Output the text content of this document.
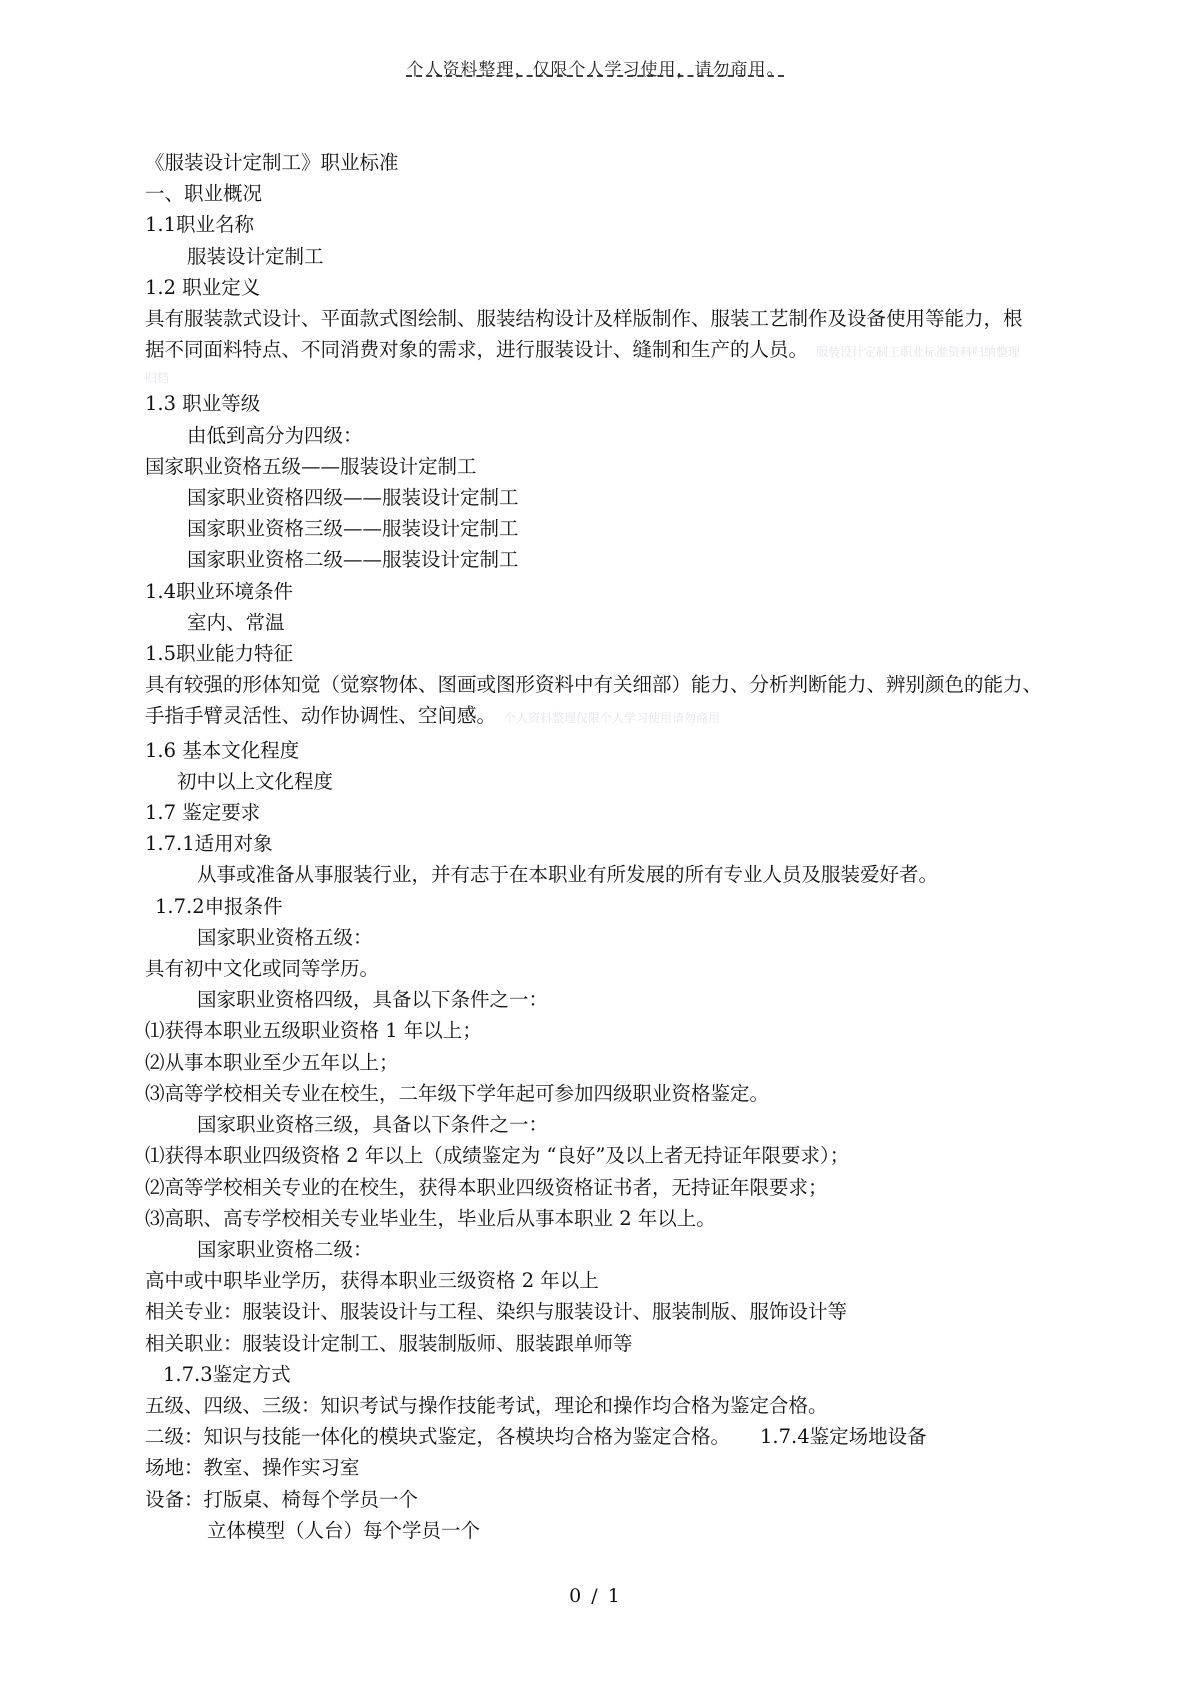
个人资料整理，仅限个人学习使用，请勿商用。
《服装设计定制工》职业标准
一、职业概况
1.1职业名称
服装设计定制工
1.2 职业定义
具有服装款式设计、平面款式图绘制、服装结构设计及样版制作、服装工艺制作及设备使用等能力，根
据不同面料特点、不同消费对象的需求，进行服装设计、缝制和生产的人员。 服装设计定制工职业标准资料归纳整理
归档
1.3 职业等级
由低到高分为四级：
国家职业资格五级——服装设计定制工
国家职业资格四级——服装设计定制工
国家职业资格三级——服装设计定制工
国家职业资格二级——服装设计定制工
1.4职业环境条件
室内、常温
1.5职业能力特征
具有较强的形体知觉（觉察物体、图画或图形资料中有关细部）能力、分析判断能力、辨别颜色的能力、
手指手臂灵活性、动作协调性、空间感。 个人资料整理仅限个人学习使用请勿商用
1.6 基本文化程度
初中以上文化程度
1.7 鉴定要求
1.7.1适用对象
从事或准备从事服装行业，并有志于在本职业有所发展的所有专业人员及服装爱好者。
1.7.2申报条件
国家职业资格五级：
具有初中文化或同等学历。
国家职业资格四级，具备以下条件之一：
⑴获得本职业五级职业资格 1 年以上；
⑵从事本职业至少五年以上；
⑶高等学校相关专业在校生，二年级下学年起可参加四级职业资格鉴定。
国家职业资格三级，具备以下条件之一：
⑴获得本职业四级资格 2 年以上（成绩鉴定为 “良好”及以上者无持证年限要求）；
⑵高等学校相关专业的在校生，获得本职业四级资格证书者，无持证年限要求；
⑶高职、高专学校相关专业毕业生，毕业后从事本职业 2 年以上。
国家职业资格二级：
高中或中职毕业学历，获得本职业三级资格 2 年以上
相关专业：服装设计、服装设计与工程、染织与服装设计、服装制版、服饰设计等
相关职业：服装设计定制工、服装制版师、服装跟单师等
1.7.3鉴定方式
五级、四级、三级：知识考试与操作技能考试，理论和操作均合格为鉴定合格。
二级：知识与技能一体化的模块式鉴定，各模块均合格为鉴定合格。 1.7.4鉴定场地设备
场地：教室、操作实习室
设备：打版桌、椅每个学员一个
立体模型（人台）每个学员一个
0 / 1
